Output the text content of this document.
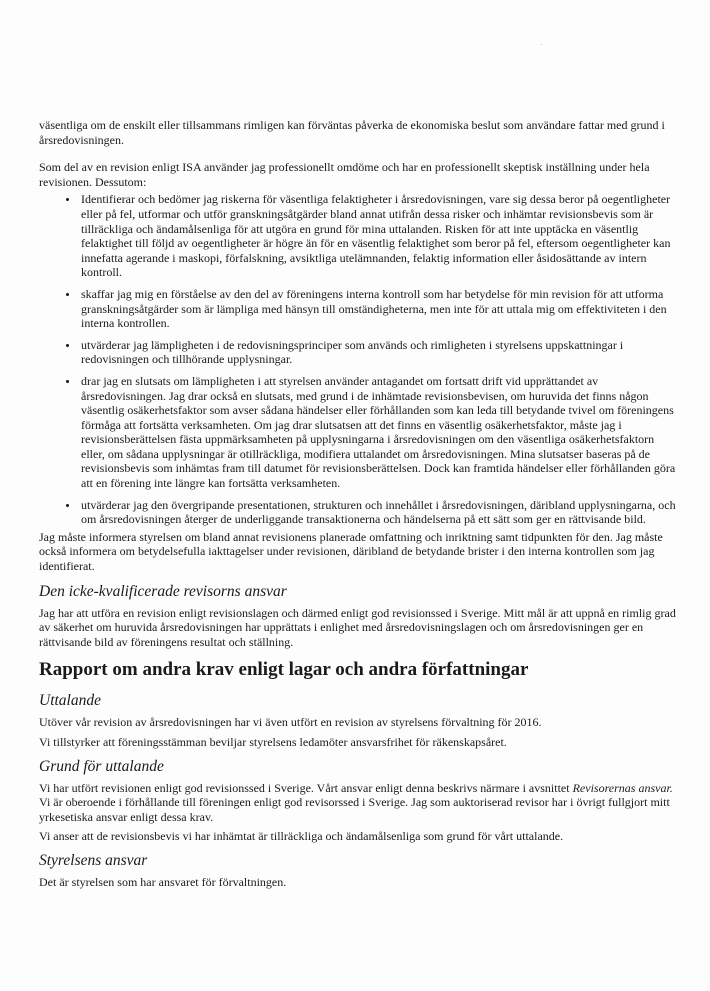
väsentliga om de enskilt eller tillsammans rimligen kan förväntas påverka de ekonomiska beslut som användare fattar med grund i årsredovisningen.

Som del av en revision enligt ISA använder jag professionellt omdöme och har en professionellt skeptisk inställning under hela revisionen. Dessutom:

• Identifierar och bedömer jag riskerna för väsentliga felaktigheter i årsredovisningen, vare sig dessa beror på oegentligheter eller på fel, utformar och utför granskningsåtgärder bland annat utifrån dessa risker och inhämtar revisionsbevis som är tillräckliga och ändamålsenliga för att utgöra en grund för mina uttalanden. Risken för att inte upptäcka en väsentlig felaktighet till följd av oegentligheter är högre än för en väsentlig felaktighet som beror på fel, eftersom oegentligheter kan innefatta agerande i maskopi, förfalskning, avsiktliga utelämnanden, felaktig information eller åsidosättande av intern kontroll.
• skaffar jag mig en förståelse av den del av föreningens interna kontroll som har betydelse för min revision för att utforma granskningsåtgärder som är lämpliga med hänsyn till omständigheterna, men inte för att uttala mig om effektiviteten i den interna kontrollen.
• utvärderar jag lämpligheten i de redovisningsprinciper som används och rimligheten i styrelsens uppskattningar i redovisningen och tillhörande upplysningar.
• drar jag en slutsats om lämpligheten i att styrelsen använder antagandet om fortsatt drift vid upprättandet av årsredovisningen. Jag drar också en slutsats, med grund i de inhämtade revisionsbevisen, om huruvida det finns någon väsentlig osäkerhetsfaktor som avser sådana händelser eller förhållanden som kan leda till betydande tvivel om föreningens förmåga att fortsätta verksamheten. Om jag drar slutsatsen att det finns en väsentlig osäkerhetsfaktor, måste jag i revisionsberättelsen fästa uppmärksamheten på upplysningarna i årsredovisningen om den väsentliga osäkerhetsfaktorn eller, om sådana upplysningar är otillräckliga, modifiera uttalandet om årsredovisningen. Mina slutsatser baseras på de revisionsbevis som inhämtas fram till datumet för revisionsberättelsen. Dock kan framtida händelser eller förhållanden göra att en förening inte längre kan fortsätta verksamheten.
• utvärderar jag den övergripande presentationen, strukturen och innehållet i årsredovisningen, däribland upplysningarna, och om årsredovisningen återger de underliggande transaktionerna och händelserna på ett sätt som ger en rättvisande bild.

Jag måste informera styrelsen om bland annat revisionens planerade omfattning och inriktning samt tidpunkten för den. Jag måste också informera om betydelsefulla iakttagelser under revisionen, däribland de betydande brister i den interna kontrollen som jag identifierat.

Den icke-kvalificerade revisorns ansvar

Jag har att utföra en revision enligt revisionslagen och därmed enligt god revisionssed i Sverige. Mitt mål är att uppnå en rimlig grad av säkerhet om huruvida årsredovisningen har upprättats i enlighet med årsredovisningslagen och om årsredovisningen ger en rättvisande bild av föreningens resultat och ställning.

Rapport om andra krav enligt lagar och andra författningar
Uttalande

Utöver vår revision av årsredovisningen har vi även utfört en revision av styrelsens förvaltning för 2016.

Vi tillstyrker att föreningsstämman beviljar styrelsens ledamöter ansvarsfrihet för räkenskapsåret.

Grund för uttalande

Vi har utfört revisionen enligt god revisionssed i Sverige. Vårt ansvar enligt denna beskrivs närmare i avsnittet Revisorernas ansvar. Vi är oberoende i förhållande till föreningen enligt god revisorssed i Sverige. Jag som auktoriserad revisor har i övrigt fullgjort mitt yrkesetiska ansvar enligt dessa krav.

Vi anser att de revisionsbevis vi har inhämtat är tillräckliga och ändamålsenliga som grund för vårt uttalande.

Styrelsens ansvar

Det är styrelsen som har ansvaret för förvaltningen.
